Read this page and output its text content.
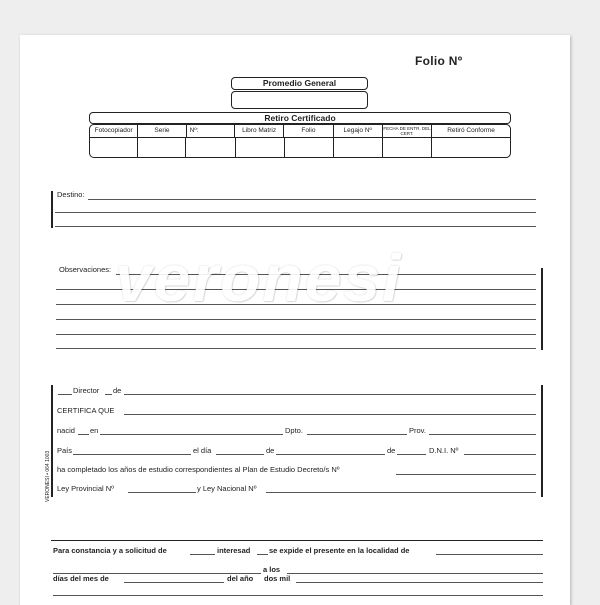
Folio Nº
Promedio General
Retiro Certificado
Fotocopiador	Serie	Nº:	Libro Matriz	Folio	Legajo Nº	FECHA DE ENTR. DEL CERT.	Retiró Conforme
Destino:
Observaciones: veronesi
VERONESI • 064 1003
Director de
CERTIFICA QUE
nacid en	Dpto.	Prov.
País	el día	de	de	D.N.I. Nº
ha completado los años de estudio correspondientes al Plan de Estudio Decreto/s Nº
Ley Provincial Nº	y Ley Nacional Nº
Para constancia y a solicitud de	interesad se expide el presente en la localidad de
a los
días del mes de	del año dos mil
